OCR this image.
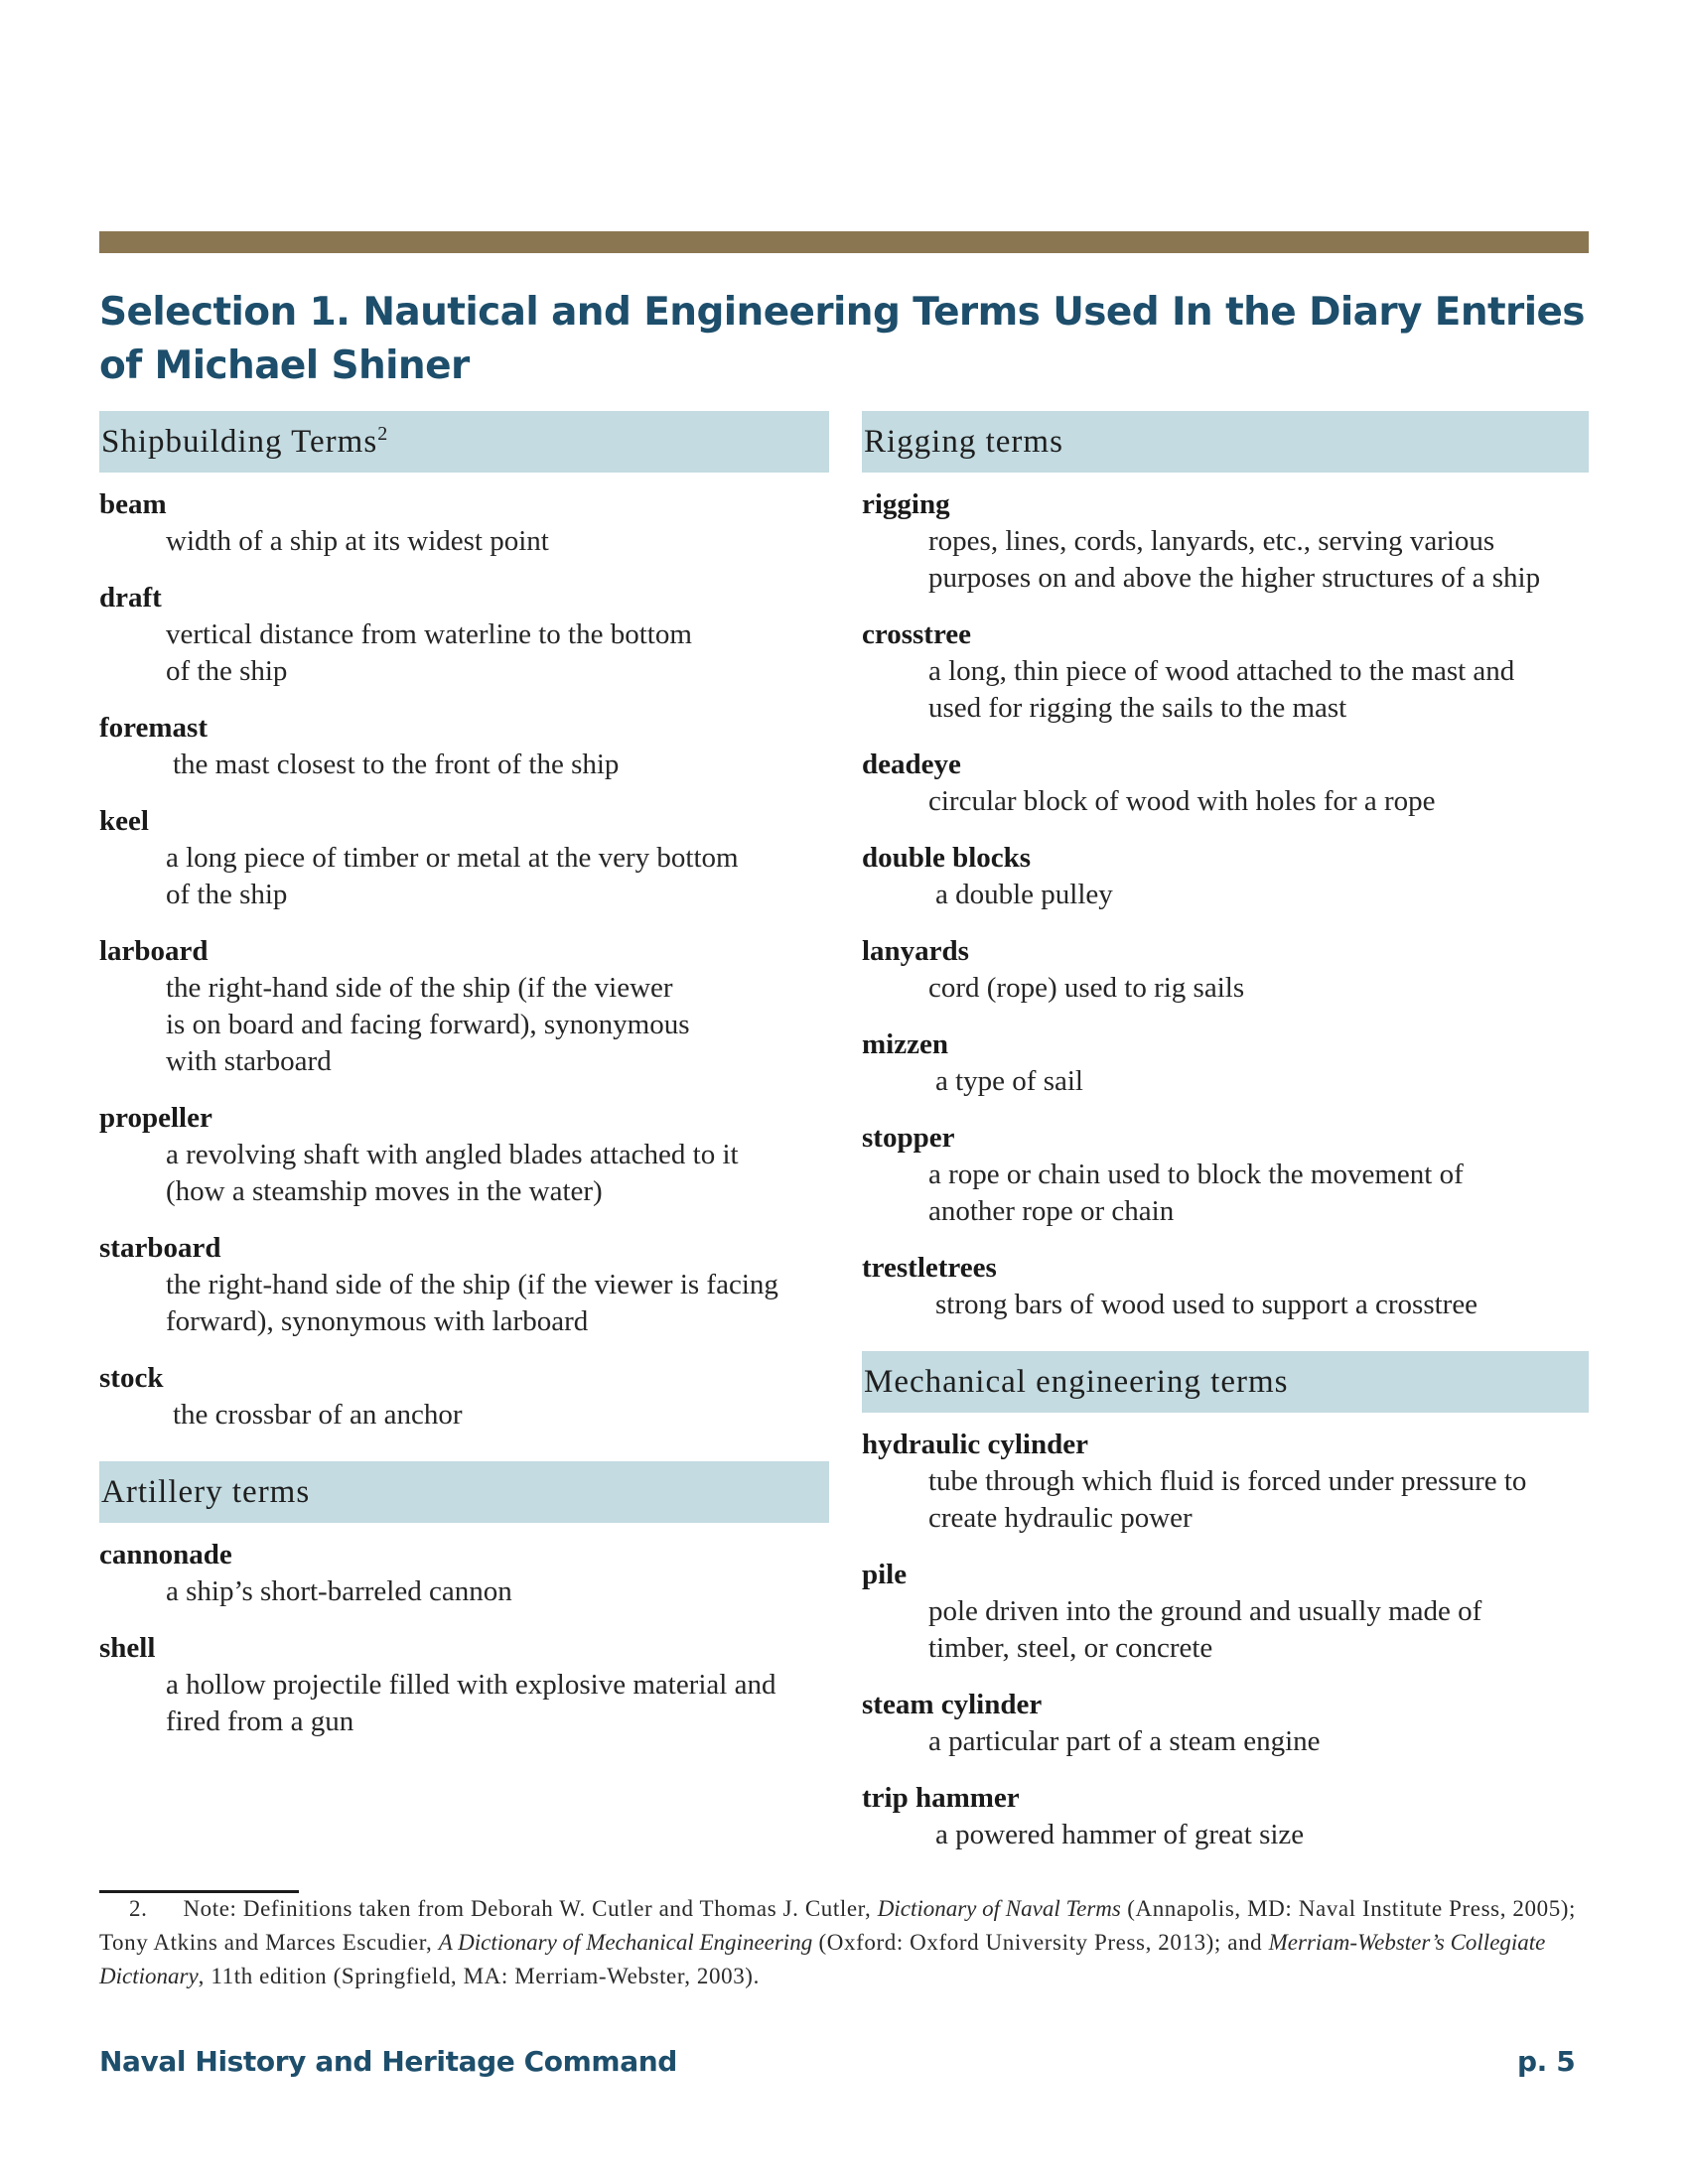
Selection 1. Nautical and Engineering Terms Used In the Diary Entries of Michael Shiner
Shipbuilding Terms$^2$
beam
width of a ship at its widest point
draft
vertical distance from waterline to the bottom
of the ship
foremast
the mast closest to the front of the ship
keel
a long piece of timber or metal at the very bottom
of the ship
larboard
the right-hand side of the ship (if the viewer
is on board and facing forward), synonymous
with starboard
propeller
a revolving shaft with angled blades attached to it
(how a steamship moves in the water)
starboard
the right-hand side of the ship (if the viewer is facing
forward), synonymous with larboard
stock
the crossbar of an anchor
Artillery terms
cannonade
a ship’s short-barreled cannon
shell
a hollow projectile filled with explosive material and
fired from a gun
Rigging terms
rigging
ropes, lines, cords, lanyards, etc., serving various
purposes on and above the higher structures of a ship
crosstree
a long, thin piece of wood attached to the mast and
used for rigging the sails to the mast
deadeye
circular block of wood with holes for a rope
double blocks
a double pulley
lanyards
cord (rope) used to rig sails
mizzen
a type of sail
stopper
a rope or chain used to block the movement of
another rope or chain
trestletrees
strong bars of wood used to support a crosstree
Mechanical engineering terms
hydraulic cylinder
tube through which fluid is forced under pressure to
create hydraulic power
pile
pole driven into the ground and usually made of
timber, steel, or concrete
steam cylinder
a particular part of a steam engine
trip hammer
a powered hammer of great size
2. Note: Definitions taken from Deborah W. Cutler and Thomas J. Cutler, Dictionary of Naval Terms (Annapolis, MD: Naval Institute Press, 2005); Tony Atkins and Marces Escudier, A Dictionary of Mechanical Engineering (Oxford: Oxford University Press, 2013); and Merriam-Webster’s Collegiate Dictionary, 11th edition (Springfield, MA: Merriam-Webster, 2003).
Naval History and Heritage Command	p. 5
